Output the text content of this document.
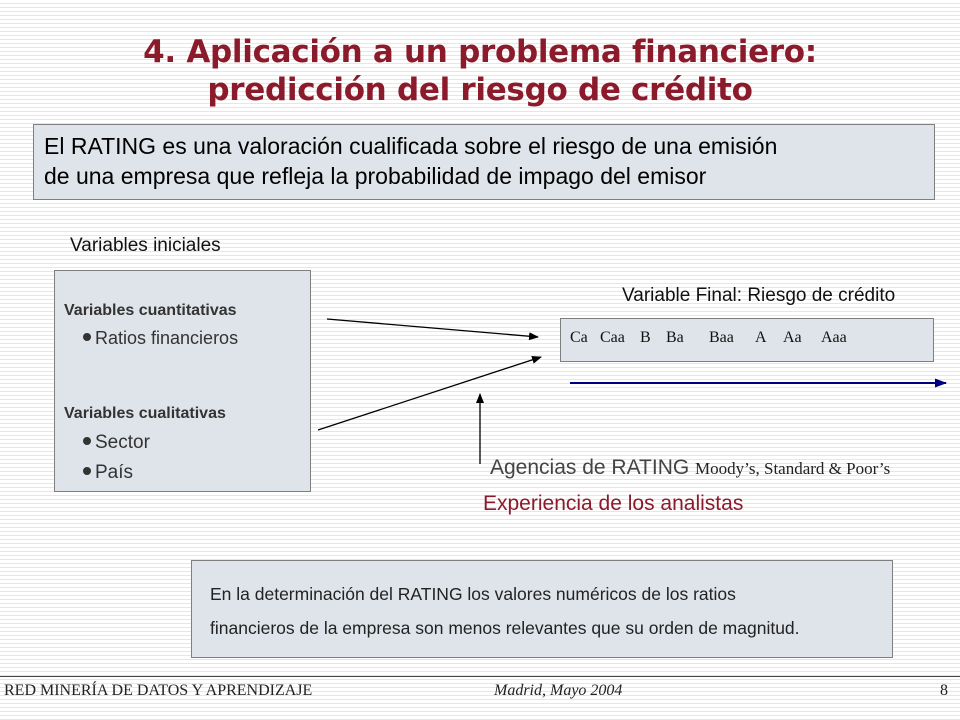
4. Aplicación a un problema financiero:
predicción del riesgo de crédito
El RATING es una valoración cualificada sobre el riesgo de una emisión
de una empresa que refleja la probabilidad de impago del emisor
Variables iniciales
Variables cuantitativas
Ratios financieros
Variables cualitativas
Sector
País
Variable Final: Riesgo de crédito
Ca Caa B Ba Baa A Aa Aaa
Agencias de RATING Moody’s, Standard & Poor’s
Experiencia de los analistas
En la determinación del RATING los valores numéricos de los ratios
financieros de la empresa son menos relevantes que su orden de magnitud.
RED MINERÍA DE DATOS Y APRENDIZAJE	Madrid, Mayo 2004	8
